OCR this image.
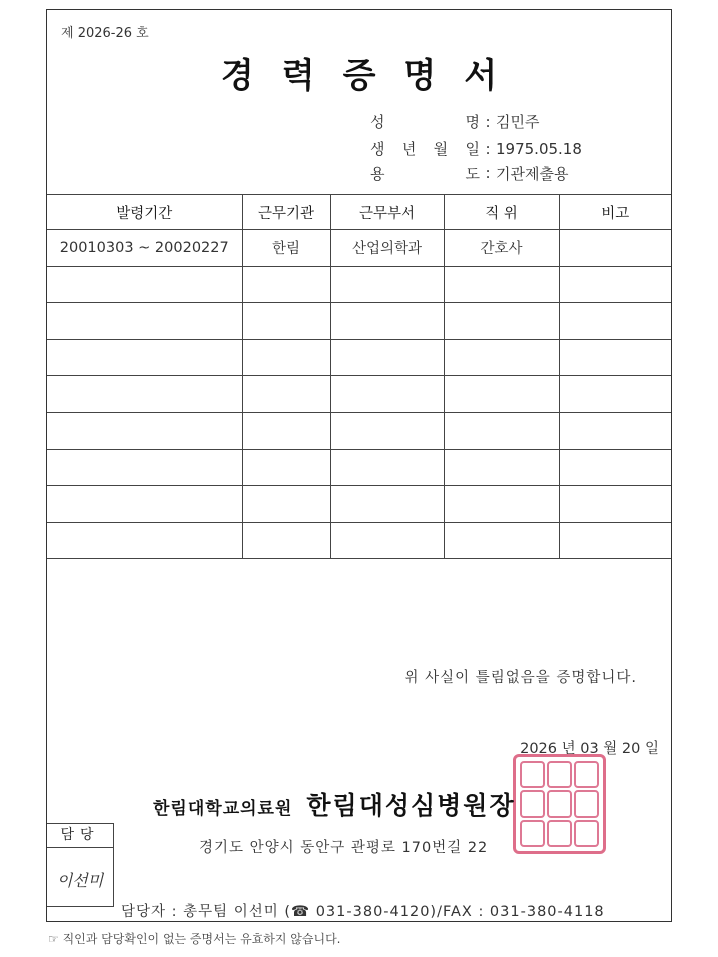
제 2026-26 호
경력증명서
성	명 : 김민주
생 년 월 일 : 1975.05.18
용	도 : 기관제출용
발령기간	근무기관	근무부서	직 위	비고
20010303 ~ 20020227	한림	산업의학과	간호사	

위 사실이 틀림없음을 증명합니다.
2026 년 03 월 20 일
한림대학교의료원 한림대성심병원장
경기도 안양시 동안구 관평로 170번길 22
담당
이선미
담당자 : 총무팀 이선미 (☎ 031-380-4120)/FAX : 031-380-4118
☞ 직인과 담당확인이 없는 증명서는 유효하지 않습니다.
